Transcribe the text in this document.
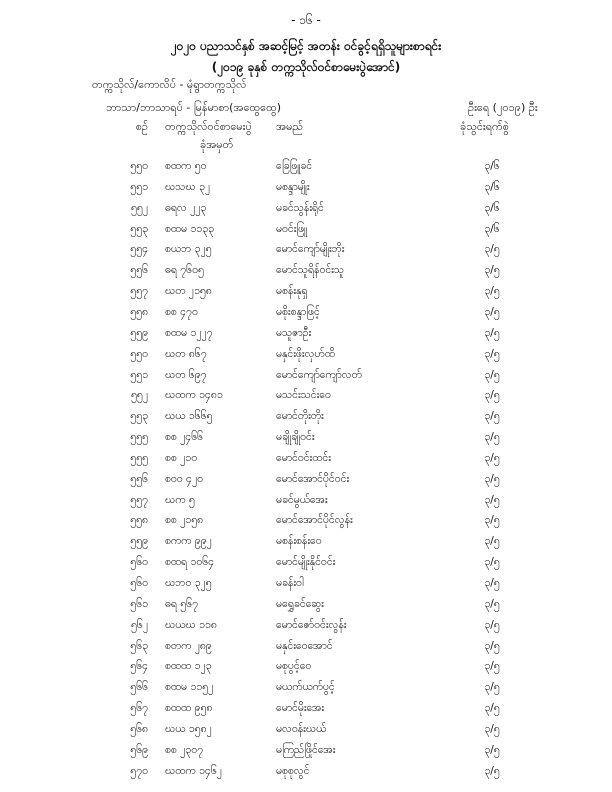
- ၁၆ -
၂၀၂၀ ပညာသင်နှစ် အဆင့်မြင့် အတန်း ဝင်ခွင့်ရရှိသူများစာရင်း
(၂၀၁၉ ခုနှစ် တက္ကသိုလ်ဝင်စာမေးပွဲအောင်)
တက္ကသိုလ်/ကောလိပ် - မုံရွာတက္ကသိုလ်
ဘာသာ/ဘာသာရပ် - မြန်မာစာ(အထွေထွေ)	ဦးရေ (၂၀၁၉) ဦး
စဉ် တက္ကသိုလ်ဝင်စာမေးပွဲ
ခုံအမှတ်
အမည်	ခုံသွင်းရက်စွဲ
၅၅၀ စထက ၅၀	ခြေဖြူခင်	၃/၆
၅၅၁ ဃသဃ ၃၂	မစန္ဒာမျိုး	၃/၆
၅၅၂ ဓရလ ၂၂၃	မခင်သွန်းရိုင်	၃/၆
၅၅၃ စထမ ၁၁၃၃	မဝင်းဖြူ	၃/၆
၅၅၄ စယဘ ၃၂၅	မောင်ကျော်မျိုးဘိုး	၃/၅
၅၅၆ ဓရ ၇၆၀၅	မောင်သူရိန်ဝင်းသူ	၃/၅
၅၅၇ ဃတ ၂၁၅၈	မစန်းနုရှ	၃/၅
၅၅၈ စစ ၄၇၀	မစိုးစန္ဒာဖြင့်	၃/၅
၅၅၉ စထမ ၁၂၂၇	မသူဇာဦး	၃/၅
၅၅၀ ဃတ ၈၆၇	မနှင်းဖိုးလှဟ်ထိ	၃/၅
၅၅၁ ဃတ ၆၉၇	မောင်ကျော်ကျော်လတ်	၃/၅
၅၅၂ ဃထက ၁၄၈၁	မသင်းသင်းဝေ	၃/၅
၅၅၃ ဃယ ၁၆၆၅	မောင်တိုးတိုး	၃/၅
၅၅၅ စစ ၂၄၆၆	မချိုချိုဝင်း	၃/၅
၅၅၅ စစ ၂၁၀	မောင်ဝင်းထင်း	၃/၅
၅၅၆ စဝဝ ၄၂၀	မောင်အောင်ပိုင်ဝင်း	၃/၅
၅၅၇ ဃက ၅	မခင်မွယ်အေး	၃/၅
၅၅၈ စစ ၂၁၅၈	မောင်အောင်ပိုင်လွန်း	၃/၅
၅၅၉ စကက ၉၉၂	မစန်းစန်းဝေ	၃/၅
၅၆၀ စထရ ၁၀၆၄	မောင်မျိုးနိုင်ဝင်း	၃/၅
၅၆၀ ဃဘဝ ၃၂၅	မခန်းဝါ	၃/၅
၅၆၁ ဓရ ၅၆၇	မရွှေခင်ဆွေး	၃/၅
၅၆၂ ဃယဃ ၁၁၈	မောင်ဇော်ဝင်းလွန်း	၃/၅
၅၆၃ စတက ၂၈၉	မနှင်းဝေအောင်	၃/၅
၅၆၄ စထထ ၁၂၃	မစုပွင့်ဝေ	၃/၅
၅၆၆ စထမ ၁၁၅၂	မယက်ယက်ပွင့်	၃/၅
၅၆၇ စထထ ၉၅၈	မောင်မိုးအေး	၃/၅
၅၆၈ ဃယ ၁၅၈၂	မလဝန်းဃယ်	၃/၅
၅၆၉ စစ ၂၃၀၇	မကြည်ဖြိုင်အေး	၃/၅
၅၇၀ ဃထက ၁၄၆၂	မစုစုလွင်	၃/၅
